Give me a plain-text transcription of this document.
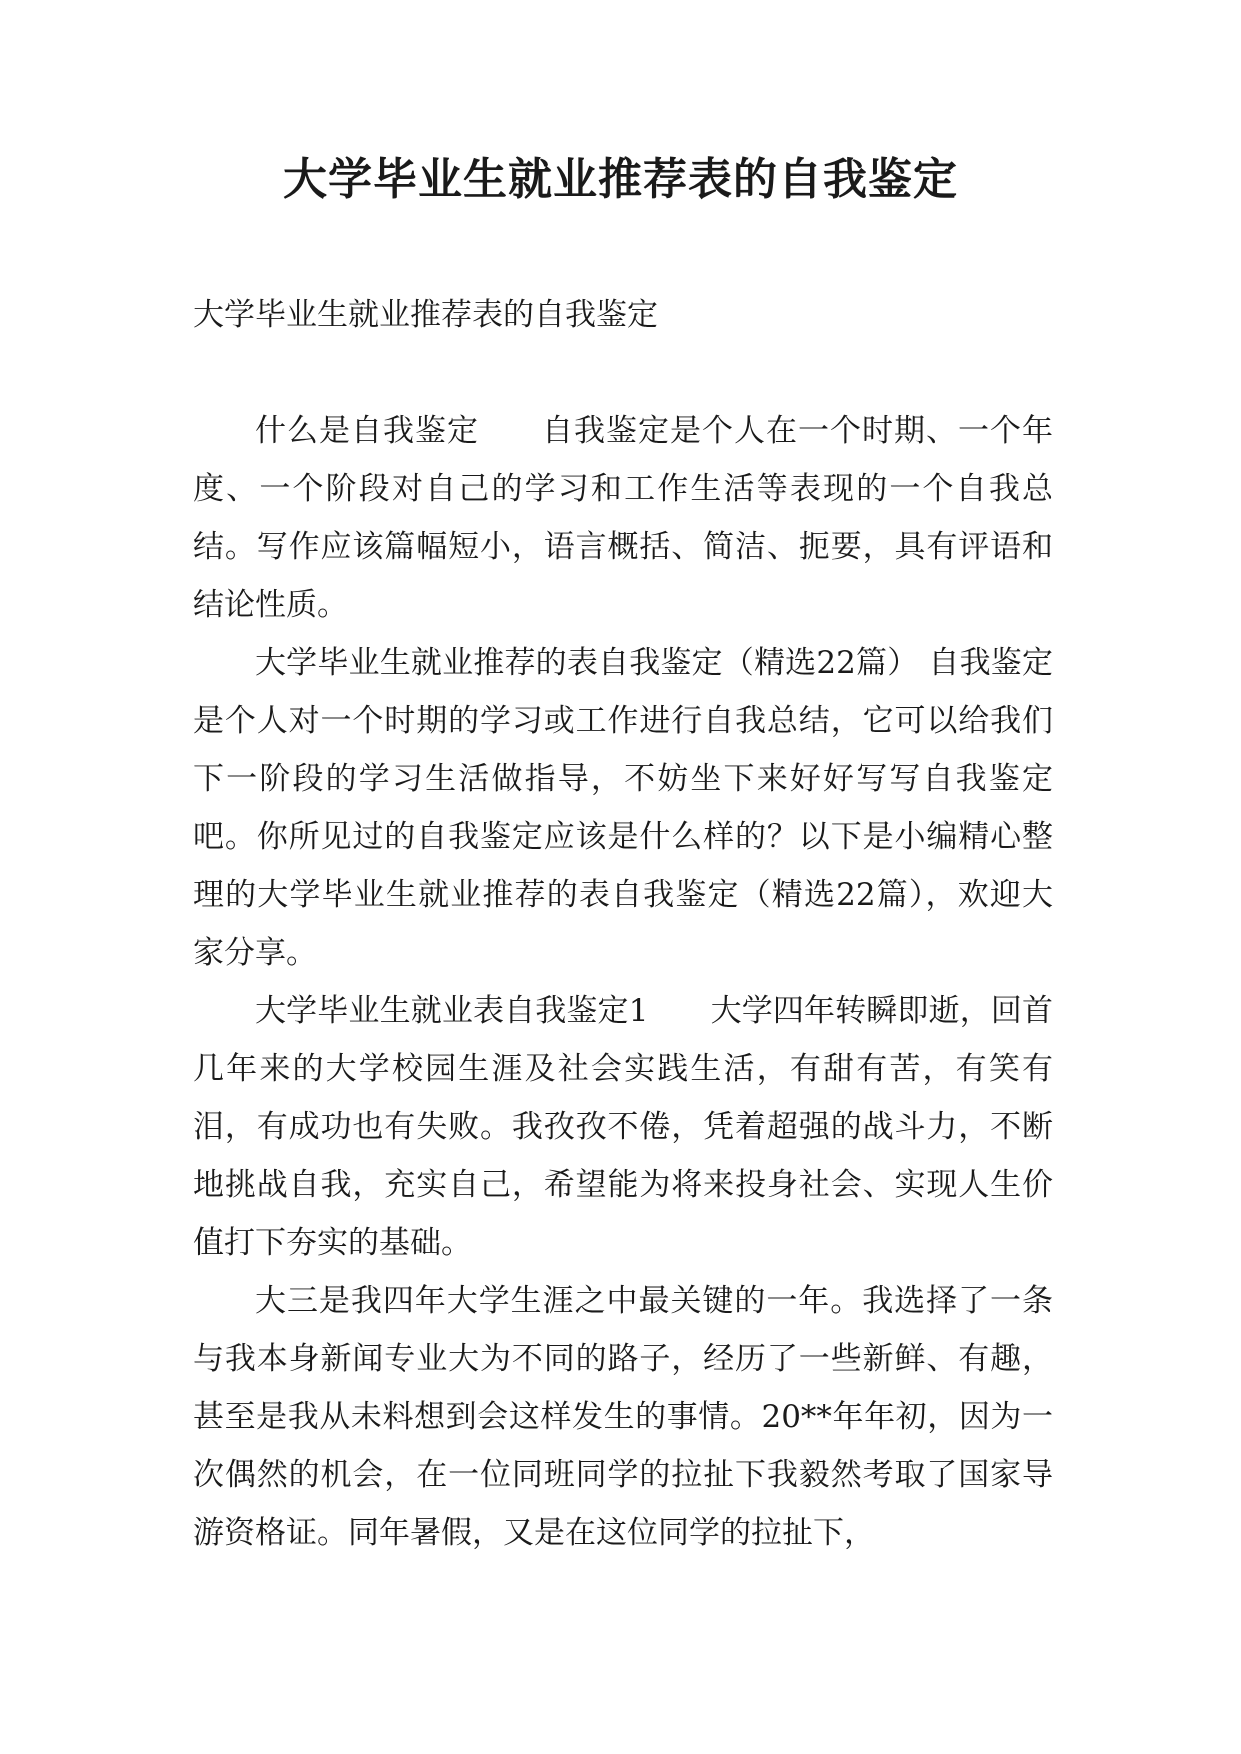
大学毕业生就业推荐表的自我鉴定

大学毕业生就业推荐表的自我鉴定

什么是自我鉴定 自我鉴定是个人在一个时期、一个年度、一个阶段对自己的学习和工作生活等表现的一个自我总结。写作应该篇幅短小，语言概括、简洁、扼要，具有评语和结论性质。

大学毕业生就业推荐的表自我鉴定（精选22篇） 自我鉴定是个人对一个时期的学习或工作进行自我总结，它可以给我们下一阶段的学习生活做指导，不妨坐下来好好写写自我鉴定吧。你所见过的自我鉴定应该是什么样的？以下是小编精心整理的大学毕业生就业推荐的表自我鉴定（精选22篇），欢迎大家分享。

大学毕业生就业表自我鉴定1 大学四年转瞬即逝，回首几年来的大学校园生涯及社会实践生活，有甜有苦，有笑有泪，有成功也有失败。我孜孜不倦，凭着超强的战斗力，不断地挑战自我，充实自己，希望能为将来投身社会、实现人生价值打下夯实的基础。

大三是我四年大学生涯之中最关键的一年。我选择了一条与我本身新闻专业大为不同的路子，经历了一些新鲜、有趣，甚至是我从未料想到会这样发生的事情。20**年年初，因为一次偶然的机会，在一位同班同学的拉扯下我毅然考取了国家导游资格证。同年暑假，又是在这位同学的拉扯下，
